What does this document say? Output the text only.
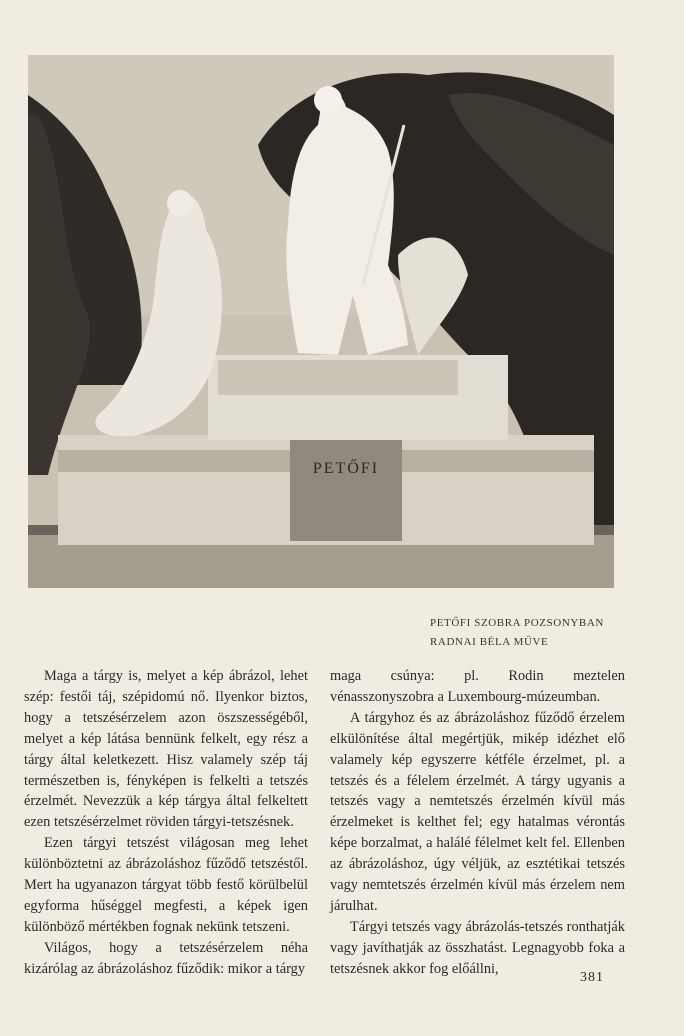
PETŐFI
PETŐFI SZOBRA POZSONYBAN
RADNAI BÉLA MŰVE

Maga a tárgy is, melyet a kép ábrázol, lehet szép: festői táj, szépidomú nő. Ilyenkor biztos, hogy a tetszésérzelem azon öszszességéből, melyet a kép látása bennünk felkelt, egy rész a tárgy által keletkezett. Hisz valamely szép táj természetben is, fényképen is felkelti a tetszés érzelmét. Nevezzük a kép tárgya által felkeltett ezen tetszésérzelmet röviden tárgyi-tetszésnek.

Ezen tárgyi tetszést világosan meg lehet különböztetni az ábrázoláshoz fűződő tetszéstől. Mert ha ugyanazon tárgyat több festő körülbelül egyforma hűséggel megfesti, a képek igen különböző mértékben fognak nekünk tetszeni.

Világos, hogy a tetszésérzelem néha kizárólag az ábrázoláshoz fűződik: mikor a tárgy

maga csúnya: pl. Rodin meztelen vénasszonyszobra a Luxembourg-múzeumban.

A tárgyhoz és az ábrázoláshoz fűződő érzelem elkülönítése által megértjük, mikép idézhet elő valamely kép egyszerre kétféle érzelmet, pl. a tetszés és a félelem érzelmét. A tárgy ugyanis a tetszés vagy a nemtetszés érzelmén kívül más érzelmeket is kelthet fel; egy hatalmas vérontás képe borzalmat, a halálé félelmet kelt fel. Ellenben az ábrázoláshoz, úgy véljük, az esztétikai tetszés vagy nemtetszés érzelmén kívül más érzelem nem járulhat.

Tárgyi tetszés vagy ábrázolás-tetszés ronthatják vagy javíthatják az összhatást. Legnagyobb foka a tetszésnek akkor fog előállni,

381
